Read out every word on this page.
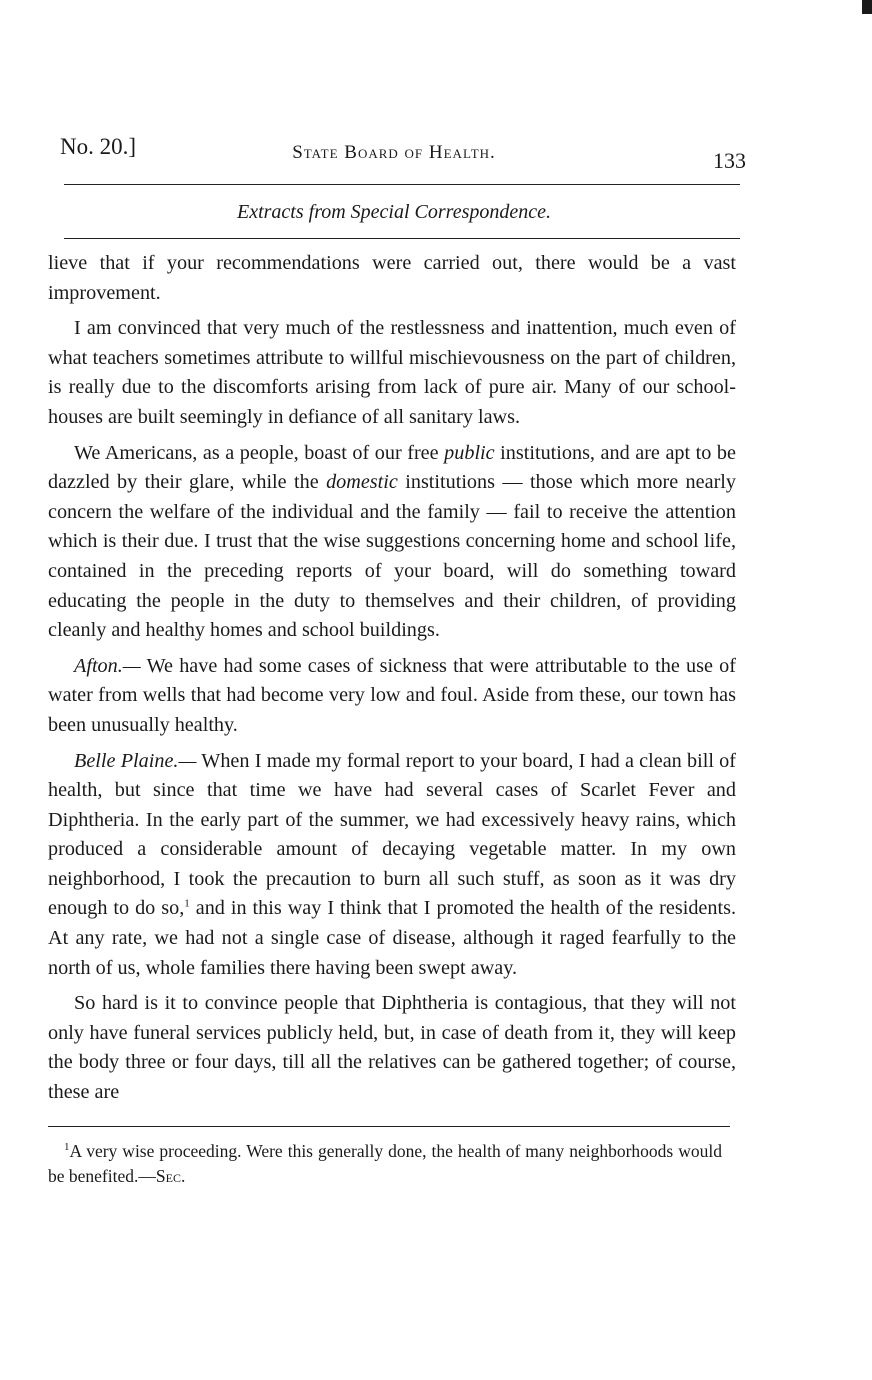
No. 20.]	State Board of Health.	133
Extracts from Special Correspondence.

lieve that if your recommendations were carried out, there would be a vast improvement.

I am convinced that very much of the restlessness and inattention, much even of what teachers sometimes attribute to willful mischievousness on the part of children, is really due to the discomforts arising from lack of pure air. Many of our school-houses are built seemingly in defiance of all sanitary laws.

We Americans, as a people, boast of our free public institutions, and are apt to be dazzled by their glare, while the domestic institutions — those which more nearly concern the welfare of the individual and the family — fail to receive the attention which is their due. I trust that the wise suggestions concerning home and school life, contained in the preceding reports of your board, will do something toward educating the people in the duty to themselves and their children, of providing cleanly and healthy homes and school buildings.

Afton.— We have had some cases of sickness that were attributable to the use of water from wells that had become very low and foul. Aside from these, our town has been unusually healthy.

Belle Plaine.— When I made my formal report to your board, I had a clean bill of health, but since that time we have had several cases of Scarlet Fever and Diphtheria. In the early part of the summer, we had excessively heavy rains, which produced a considerable amount of decaying vegetable matter. In my own neighborhood, I took the precaution to burn all such stuff, as soon as it was dry enough to do so,$^1$ and in this way I think that I promoted the health of the residents. At any rate, we had not a single case of disease, although it raged fearfully to the north of us, whole families there having been swept away.

So hard is it to convince people that Diphtheria is contagious, that they will not only have funeral services publicly held, but, in case of death from it, they will keep the body three or four days, till all the relatives can be gathered together; of course, these are

$^1$A very wise proceeding. Were this generally done, the health of many neighborhoods would be benefited.—Sec.
